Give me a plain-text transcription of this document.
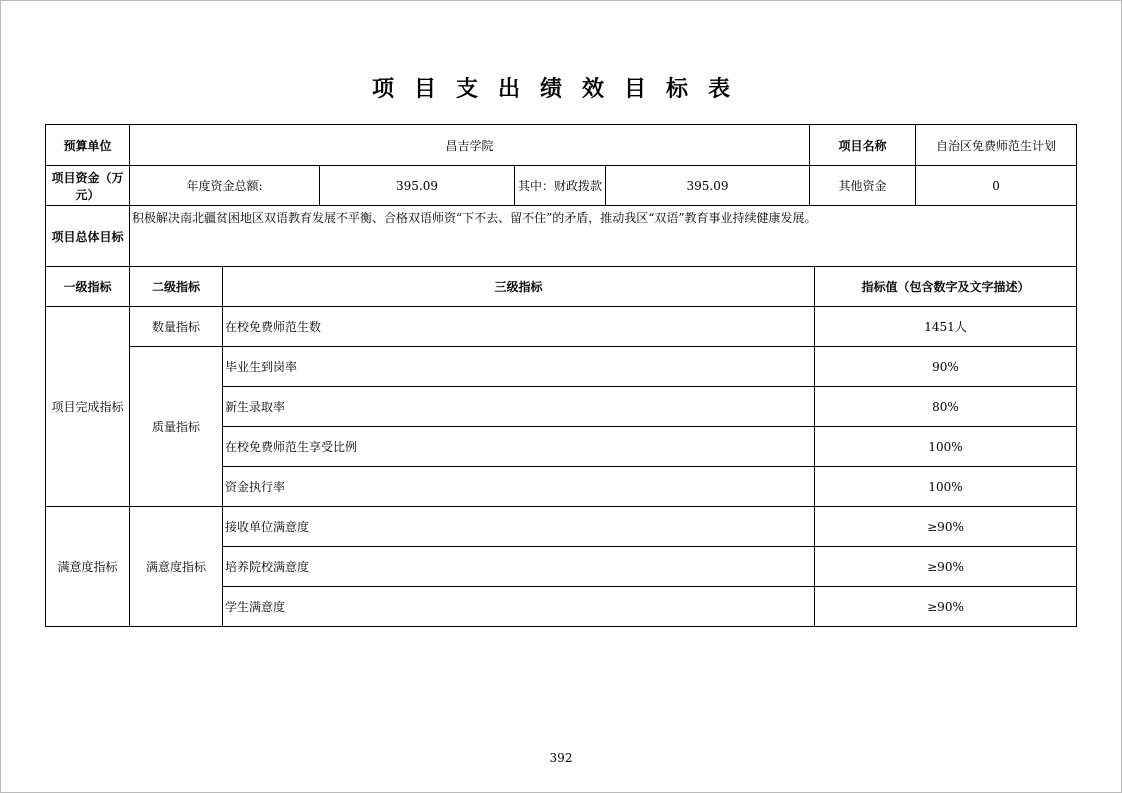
项目支出绩效目标表
预算单位	昌吉学院				项目名称	自治区免费师范生计划
项目资金（万元）	年度资金总额:	395.09	其中：财政拨款	395.09	其他资金	0
项目总体目标	积极解决南北疆贫困地区双语教育发展不平衡、合格双语师资“下不去、留不住”的矛盾，推动我区“双语”教育事业持续健康发展。					
一级指标	二级指标	三级指标	指标值（包含数字及文字描述）
项目完成指标	数量指标	在校免费师范生数	1451人
	质量指标	毕业生到岗率	90%
		新生录取率	80%
		在校免费师范生享受比例	100%
		资金执行率	100%
满意度指标	满意度指标	接收单位满意度	≥90%
		培养院校满意度	≥90%
		学生满意度	≥90%
392
